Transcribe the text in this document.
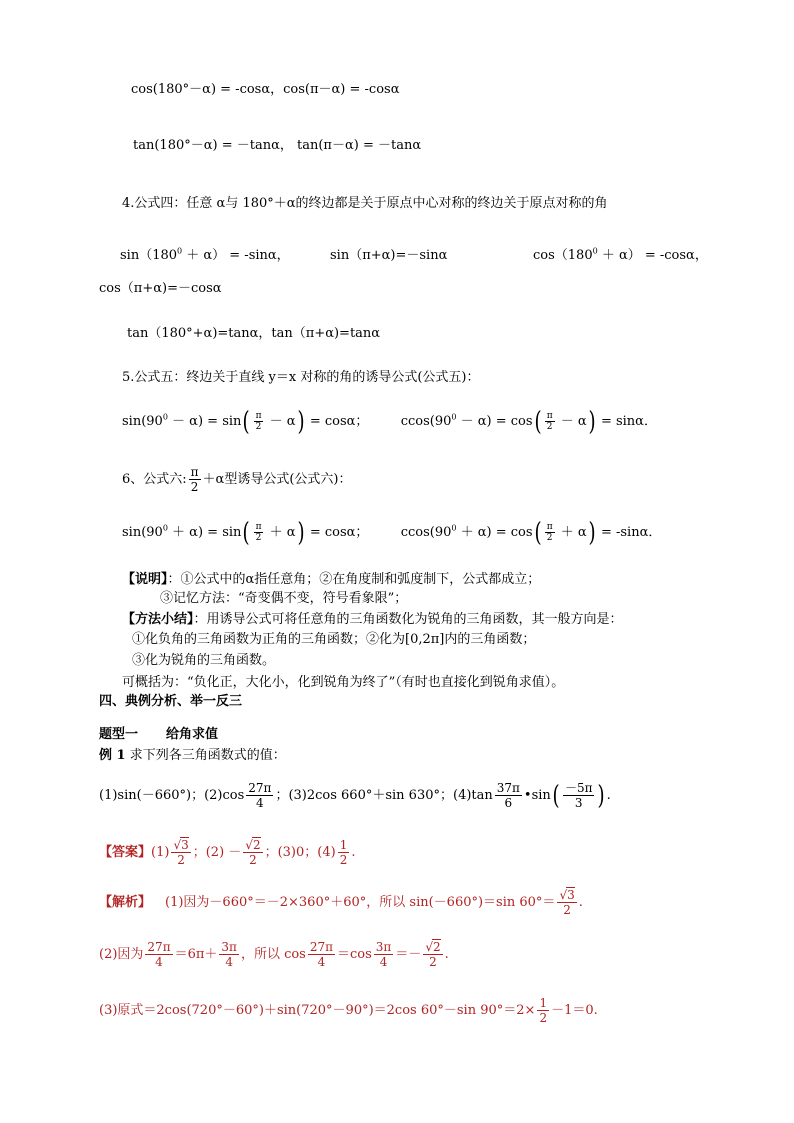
cos(180°－α) = -cosα，cos(π－α) = -cosα
tan(180°－α) = －tanα， tan(π－α) = －tanα
4.公式四：任意 α与 180°＋α的终边都是关于原点中心对称的终边关于原点对称的角
$\sin(180^0 + \alpha) = -\sin\alpha$，	sin（π+α)=－sinα	$\cos(180^0 + \alpha) = -\cos\alpha$，
cos（π+α)=－cosα
tan（180°+α)=tanα，tan（π+α)=tanα
5.公式五：终边关于直线 y＝x 对称的角的诱导公式(公式五)：
$\sin(90^0 - \alpha) = \sin( \frac{\pi}{2} - \alpha) = \cos\alpha$； $ccos(90^0 - \alpha) = \cos( \frac{\pi}{2} - \alpha) = \sin\alpha$．
6、公式六: $\frac{\pi}{2} +\alpha$型诱导公式(公式六)：
$\sin(90^0 + \alpha) = \sin( \frac{\pi}{2} + \alpha) = \cos\alpha$； $ccos(90^0 + \alpha) = \cos( \frac{\pi}{2} + \alpha) = -\sin\alpha$．
【说明】：①公式中的α指任意角；②在角度制和弧度制下，公式都成立；
③记忆方法：“奇变偶不变，符号看象限”；
【方法小结】：用诱导公式可将任意角的三角函数化为锐角的三角函数，其一般方向是：
①化负角的三角函数为正角的三角函数；②化为[0,2π]内的三角函数；
③化为锐角的三角函数。
可概括为：“负化正，大化小，化到锐角为终了”（有时也直接化到锐角求值）。
四、典例分析、举一反三
题型一 给角求值
例 1 求下列各三角函数式的值：
(1)sin(－660°)；$(2)\cos \frac{27\pi}{4}$ ；(3)2cos 660°＋sin 630°；$(4)\tan \frac{37\pi}{6}$ •sin( $\frac{-5\pi}{3}$ ) .
【答案】$(1) \frac{√3}{2}$ ；$(2) - \frac{√2}{2}$ ；(3)0；$(4) \frac{1}{2}$ .
【解析】 (1)因为－660°＝－2×360°＋60°，所以 sin(－660°)＝sin $60^\circ= \frac{√3}{2}$ .
(2)因为 $\frac{27\pi}{4} =6\pi+ \frac{3\pi}{4}$ ，所以 $\cos \frac{27\pi}{4} =\cos \frac{3\pi}{4} =- \frac{√2}{2}$ .
(3)原式＝2cos(720°－60°)＋sin(720°－90°)＝2cos 60°－sin $90^\circ=2\times \frac{1}{2} -1=0$.
